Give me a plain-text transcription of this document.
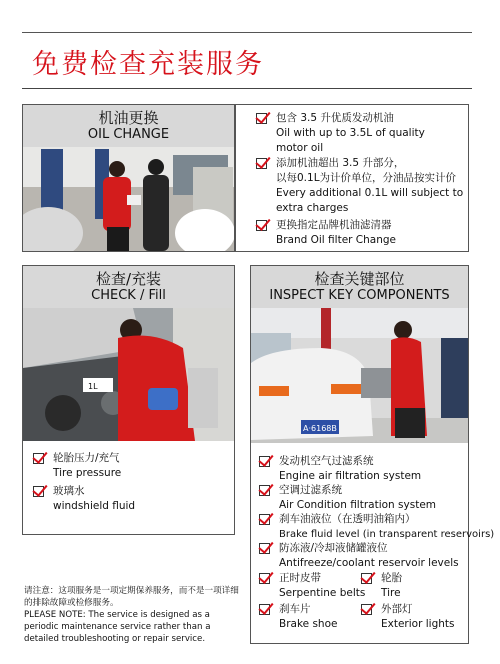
免费检查充装服务
机油更换
OIL CHANGE
包含 3.5 升优质发动机油
Oil with up to 3.5L of quality
motor oil
添加机油超出 3.5 升部分，
以每0.1L为计价单位，分油品按实计价
Every additional 0.1L will subject to
extra charges
更换指定品牌机油滤清器
Brand Oil filter Change
检查/充装
CHECK / Fill
1L
轮胎压力/充气
Tire pressure
玻璃水
windshield fluid
检查关键部位
INSPECT KEY COMPONENTS
A·6168B
发动机空气过滤系统
Engine air filtration system
空调过滤系统
Air Condition filtration system
刹车油液位（在透明油箱内）
Brake fluid level (in transparent reservoirs)
防冻液/冷却液储罐液位
Antifreeze/coolant reservoir levels
正时皮带
Serpentine belts
轮胎
Tire
刹车片
Brake shoe
外部灯
Exterior lights
请注意：这项服务是一项定期保养服务，而不是一项详细的排除故障或检修服务。
PLEASE NOTE: The service is designed as a periodic maintenance service rather than a detailed troubleshooting or repair service.
